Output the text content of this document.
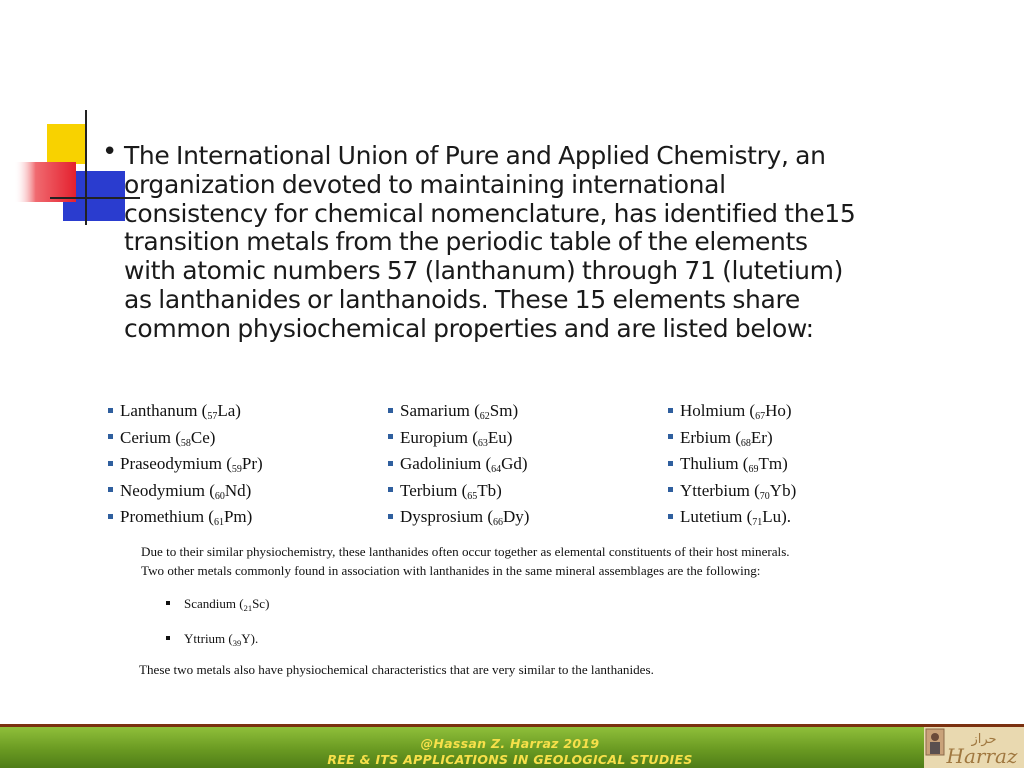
• The International Union of Pure and Applied Chemistry, an
organization devoted to maintaining international
consistency for chemical nomenclature, has identified the15
transition metals from the periodic table of the elements
with atomic numbers 57 (lanthanum) through 71 (lutetium)
as lanthanides or lanthanoids. These 15 elements share
common physiochemical properties and are listed below:
Lanthanum $(_{57}La)$
Cerium $(_{58}Ce)$
Praseodymium $(_{59}Pr)$
Neodymium $(_{60}Nd)$
Promethium $(_{61}Pm)$
Samarium $(_{62}Sm)$
Europium $(_{63}Eu)$
Gadolinium $(_{64}Gd)$
Terbium $(_{65}Tb)$
Dysprosium $(_{66}Dy)$
Holmium $(_{67}Ho)$
Erbium $(_{68}Er)$
Thulium $(_{69}Tm)$
Ytterbium $(_{70}Yb)$
Lutetium $(_{71}Lu)$.
Due to their similar physiochemistry, these lanthanides often occur together as elemental constituents of their host minerals.
Two other metals commonly found in association with lanthanides in the same mineral assemblages are the following:
Scandium $(_{21}Sc)$
Yttrium $(_{39}Y)$.
These two metals also have physiochemical characteristics that are very similar to the lanthanides.
@Hassan Z. Harraz 2019
REE & ITS APPLICATIONS IN GEOLOGICAL STUDIES
حراز
Harraz
